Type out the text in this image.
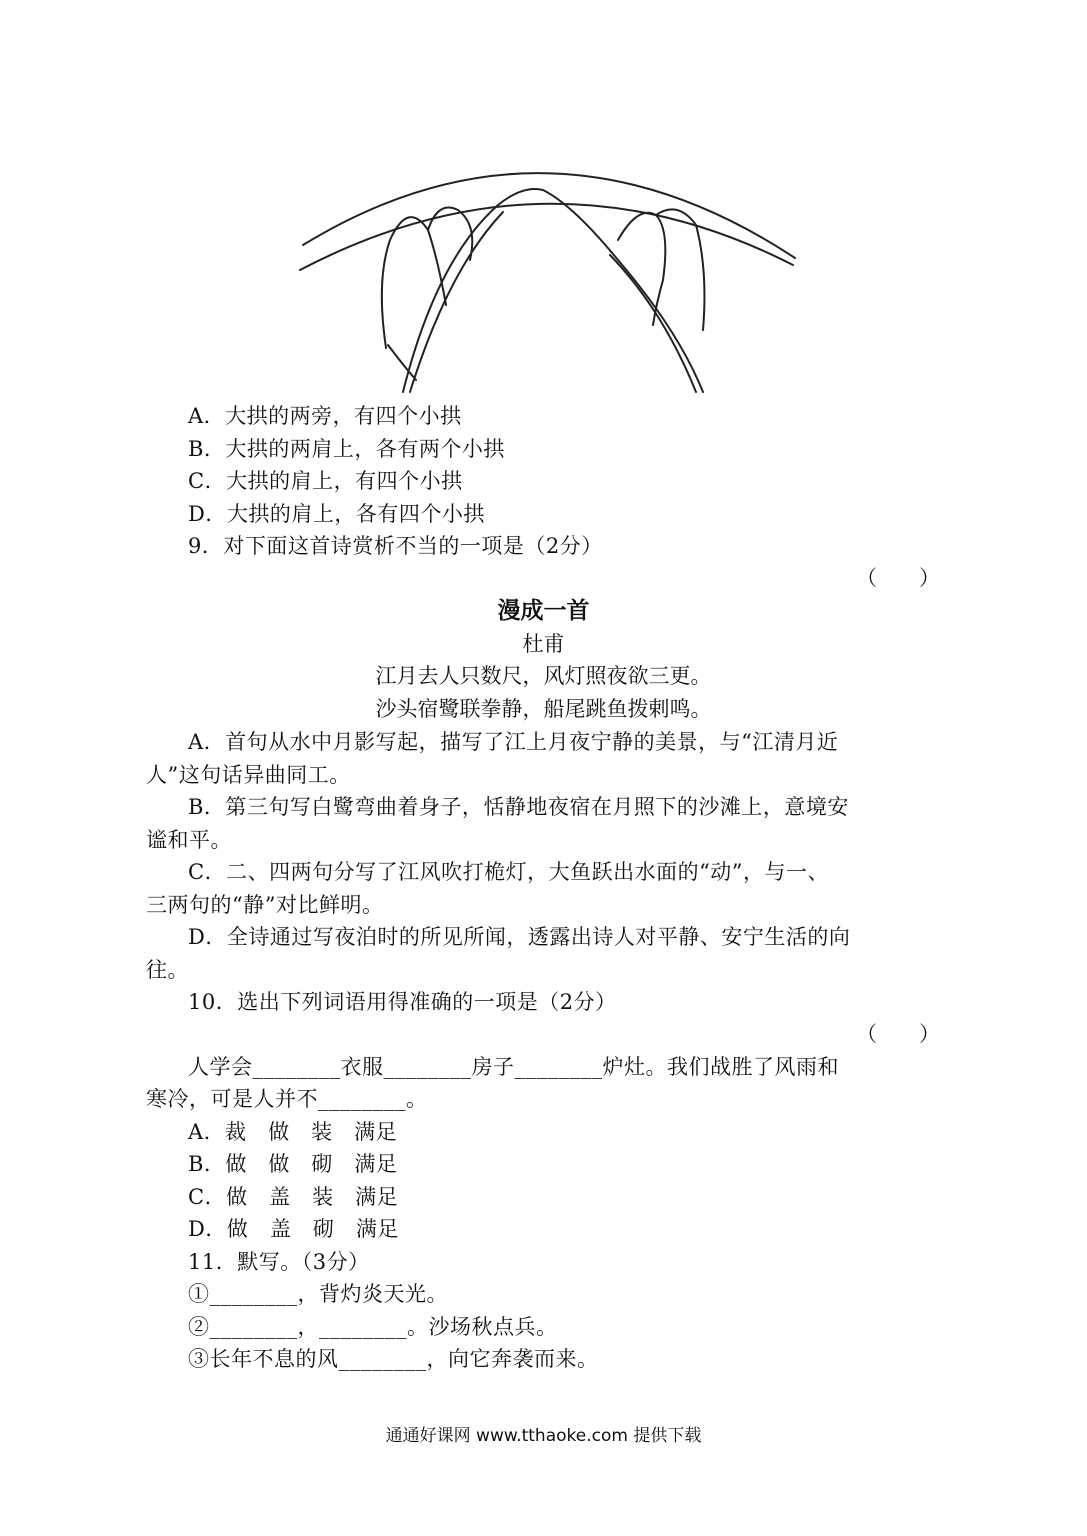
A．大拱的两旁，有四个小拱
B．大拱的两肩上，各有两个小拱
C．大拱的肩上，有四个小拱
D．大拱的肩上，各有四个小拱
9．对下面这首诗赏析不当的一项是（2分）
（　　）
漫成一首
杜甫
江月去人只数尺，风灯照夜欲三更。
沙头宿鹭联拳静，船尾跳鱼拨剌鸣。
A．首句从水中月影写起，描写了江上月夜宁静的美景，与“江清月近
人”这句话异曲同工。
B．第三句写白鹭弯曲着身子，恬静地夜宿在月照下的沙滩上，意境安
谧和平。
C．二、四两句分写了江风吹打桅灯，大鱼跃出水面的“动”，与一、
三两句的“静”对比鲜明。
D．全诗通过写夜泊时的所见所闻，透露出诗人对平静、安宁生活的向
往。
10．选出下列词语用得准确的一项是（2分）
（　　）
人学会________衣服________房子________炉灶。我们战胜了风雨和
寒冷，可是人并不________。
A．裁　做　装　满足
B．做　做　砌　满足
C．做　盖　装　满足
D．做　盖　砌　满足
11．默写。（3分）
①________，背灼炎天光。
②________，________。沙场秋点兵。
③长年不息的风________，向它奔袭而来。
通通好课网 www.tthaoke.com 提供下载
